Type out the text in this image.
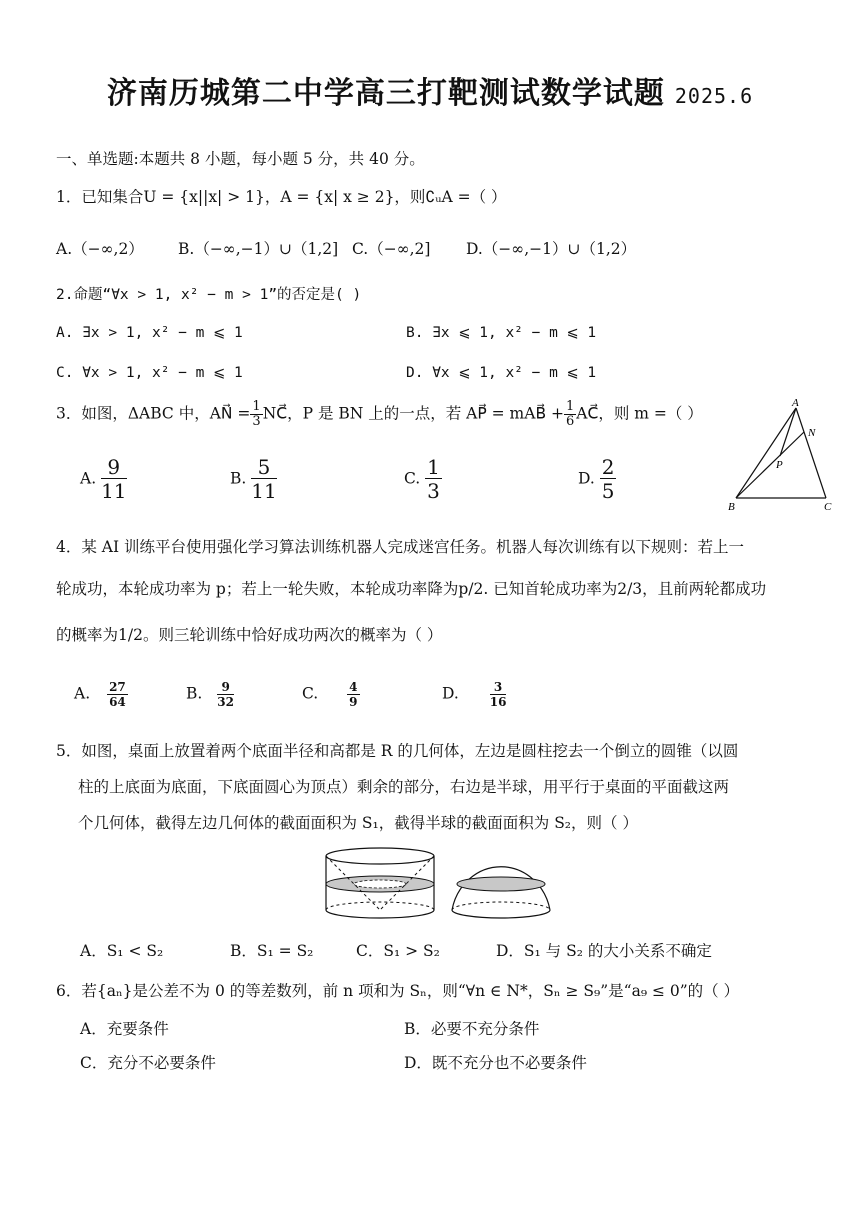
济南历城第二中学高三打靶测试数学试题 2025.6
一、单选题:本题共 8 小题，每小题 5 分，共 40 分。
1．已知集合U = {x||x| > 1}，A = {x| x ≥ 2}，则∁ᵤA =（ ）
A.（−∞,2） B.（−∞,−1）∪（1,2] C.（−∞,2] D.（−∞,−1）∪（1,2）
2.命题“∀x > 1, x² − m > 1”的否定是( )
A. ∃x > 1, x² − m ⩽ 1	B. ∃x ⩽ 1, x² − m ⩽ 1
C. ∀x > 1, x² − m ⩽ 1	D. ∀x ⩽ 1, x² − m ⩽ 1
3．如图，ΔABC 中，AN⃗ = $\frac{1}{3}$ NC⃗，P 是 BN 上的一点，若 AP⃗ = mAB⃗ + $\frac{1}{6}$ AC⃗，则 m =（ ）
A. $\frac{9}{11}$	B. $\frac{5}{11}$	C. $\frac{1}{3}$	D. $\frac{2}{5}$
A
N
P
B	C
4．某 AI 训练平台使用强化学习算法训练机器人完成迷宫任务。机器人每次训练有以下规则：若上一
轮成功，本轮成功率为 p；若上一轮失败，本轮成功率降为p/2. 已知首轮成功率为2/3，且前两轮都成功
的概率为1/2。则三轮训练中恰好成功两次的概率为（ ）
A. $\frac{27}{64}$	B. $\frac{9}{32}$	C. $\frac{4}{9}$	D.	$\frac{3}{16}$
5．如图，桌面上放置着两个底面半径和高都是 R 的几何体，左边是圆柱挖去一个倒立的圆锥（以圆
柱的上底面为底面，下底面圆心为顶点）剩余的部分，右边是半球，用平行于桌面的平面截这两
个几何体，截得左边几何体的截面面积为 S₁，截得半球的截面面积为 S₂，则（ ）
A．S₁ < S₂	B．S₁ = S₂	C．S₁ > S₂	D．S₁ 与 S₂ 的大小关系不确定
6．若{aₙ}是公差不为 0 的等差数列，前 n 项和为 Sₙ，则“∀n ∈ N*，Sₙ ≥ S₉”是“a₉ ≤ 0”的（ ）
A．充要条件	B．必要不充分条件
C．充分不必要条件	D．既不充分也不必要条件
